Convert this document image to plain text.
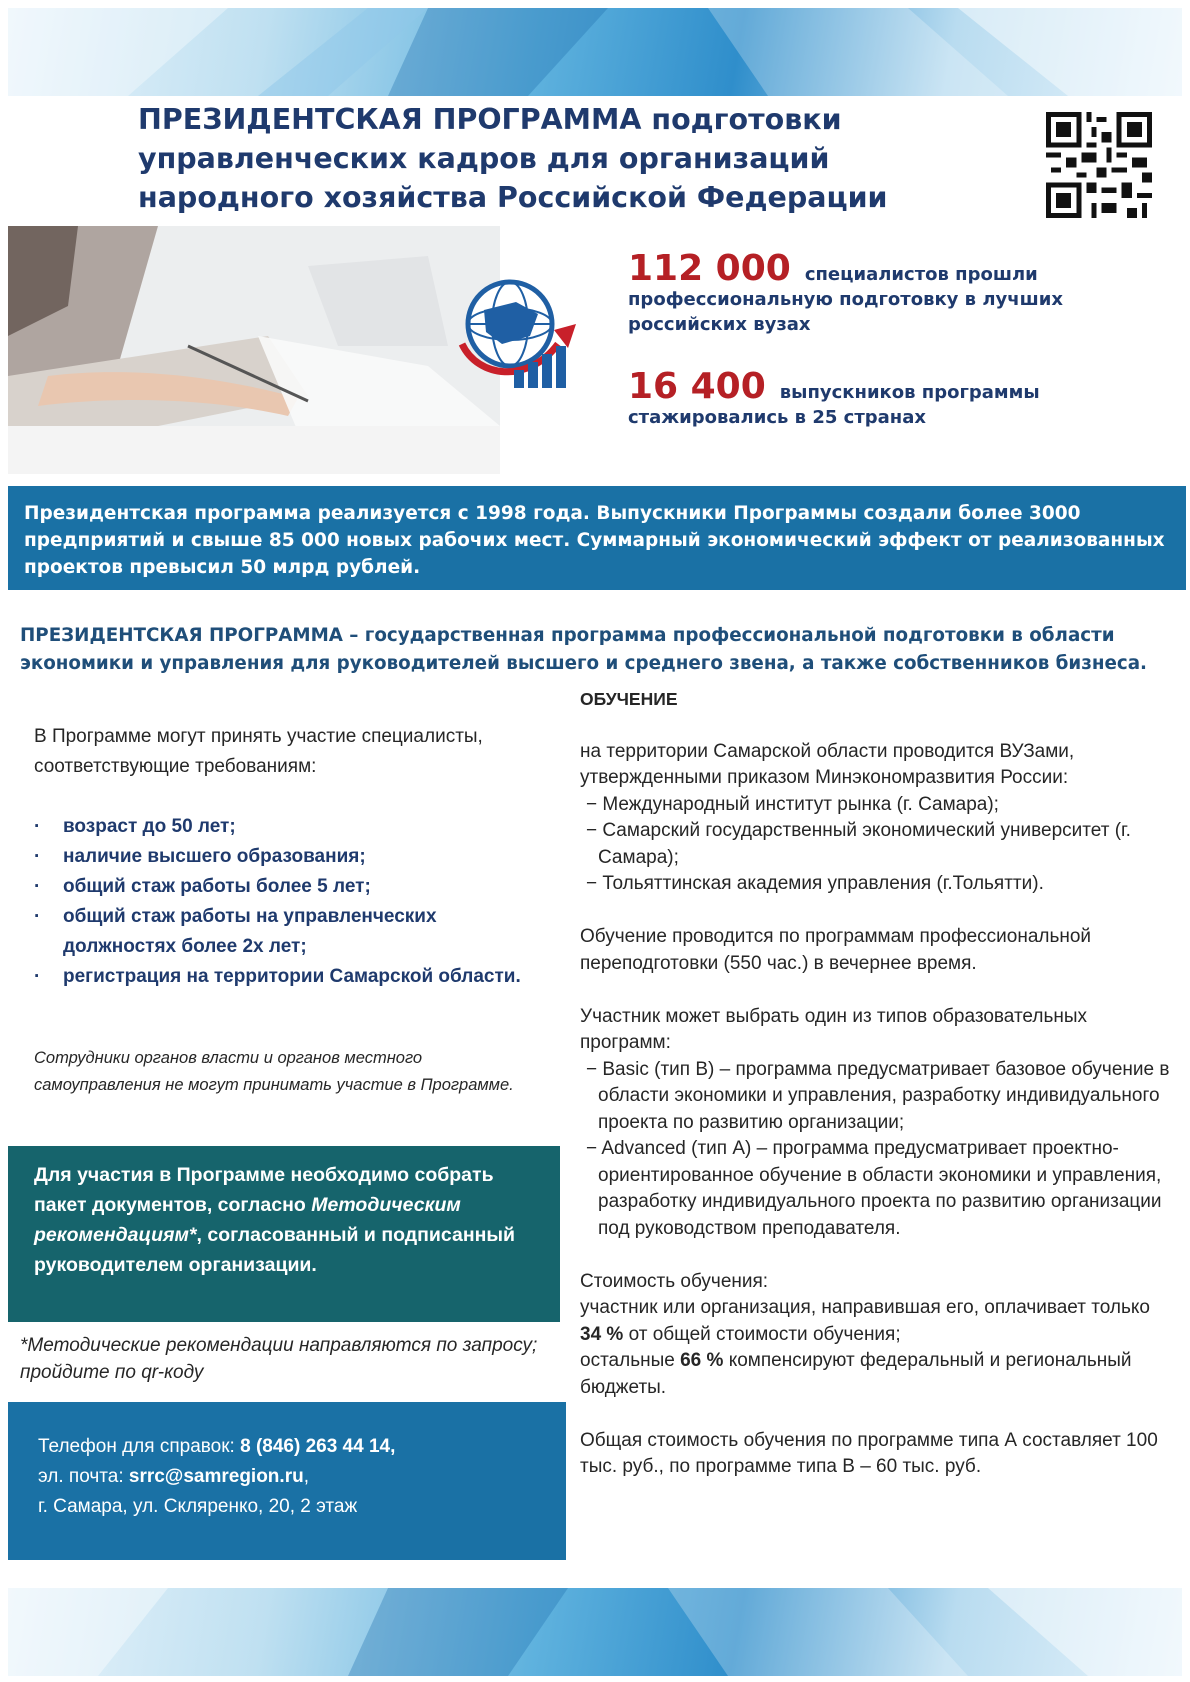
ПРЕЗИДЕНТСКАЯ ПРОГРАММА подготовки управленческих кадров для организаций народного хозяйства Российской Федерации
112 000 специалистов прошли профессиональную подготовку в лучших российских вузах
16 400 выпускников программы стажировались в 25 странах
Президентская программа реализуется с 1998 года. Выпускники Программы создали более 3000 предприятий и свыше 85 000 новых рабочих мест. Суммарный экономический эффект от реализованных проектов превысил 50 млрд рублей.
ПРЕЗИДЕНТСКАЯ ПРОГРАММА – государственная программа профессиональной подготовки в области экономики и управления для руководителей высшего и среднего звена, а также собственников бизнеса.
В Программе могут принять участие специалисты, соответствующие требованиям:
· возраст до 50 лет;
· наличие высшего образования;
· общий стаж работы более 5 лет;
· общий стаж работы на управленческих должностях более 2х лет;
· регистрация на территории Самарской области.
Сотрудники органов власти и органов местного самоуправления не могут принимать участие в Программе.
Для участия в Программе необходимо собрать пакет документов, согласно Методическим рекомендациям*, согласованный и подписанный руководителем организации.
*Методические рекомендации направляются по запросу; пройдите по qr-коду
Телефон для справок: 8 (846) 263 44 14,
эл. почта: srrc@samregion.ru,
г. Самара, ул. Скляренко, 20, 2 этаж
ОБУЧЕНИЕ
на территории Самарской области проводится ВУЗами, утвержденными приказом Минэкономразвития России:
− Международный институт рынка (г. Самара);
− Самарский государственный экономический университет (г. Самара);
− Тольяттинская академия управления (г.Тольятти).
Обучение проводится по программам профессиональной переподготовки (550 час.) в вечернее время.
Участник может выбрать один из типов образовательных программ:
− Basic (тип В) – программа предусматривает базовое обучение в области экономики и управления, разработку индивидуального проекта по развитию организации;
− Advanced (тип А) – программа предусматривает проектно-ориентированное обучение в области экономики и управления, разработку индивидуального проекта по развитию организации под руководством преподавателя.
Стоимость обучения:
участник или организация, направившая его, оплачивает только 34 % от общей стоимости обучения;
остальные 66 % компенсируют федеральный и региональный бюджеты.
Общая стоимость обучения по программе типа А составляет 100 тыс. руб., по программе типа В – 60 тыс. руб.
